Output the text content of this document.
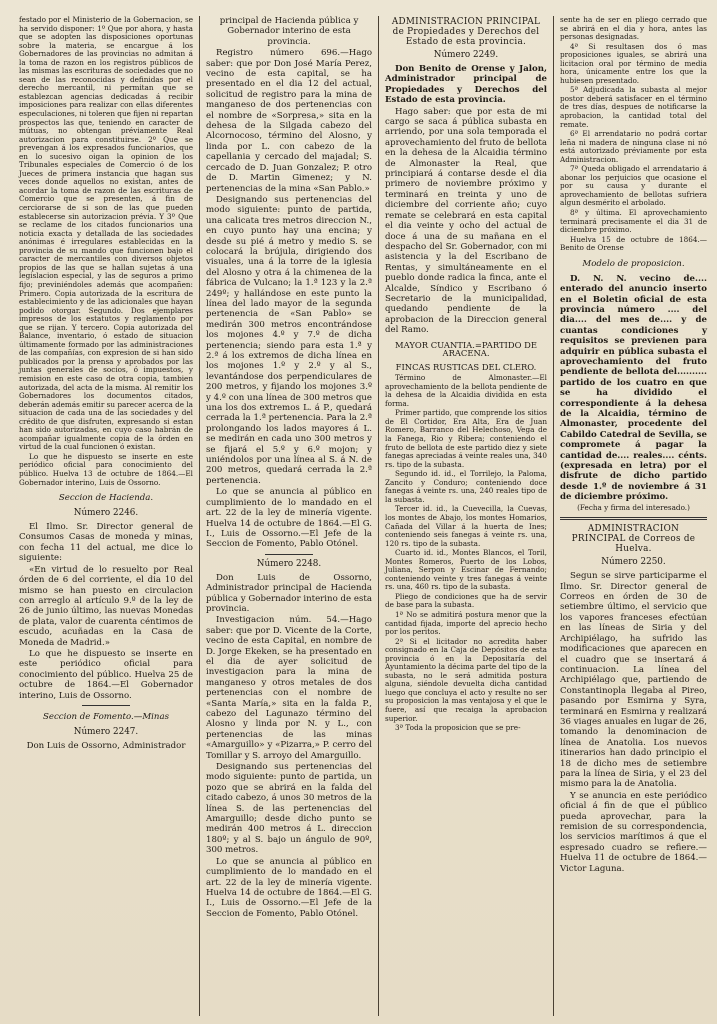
festado por el Ministerio de la Gobernacion, se ha servido disponer: 1º Que por ahora, y hasta que se adopten las disposiciones oportunas sobre la materia, se encargue á los Gobernadores de las provincias no admitan á la toma de razon en los registros públicos de las mismas las escrituras de sociedades que no sean de las reconocidas y definidas por el derecho mercantil, ni permitan que se establezcan agencias dedicadas á recibir imposiciones para realizar con ellas diferentes especulaciones, ni toleren que fijen ni repartan prospectos las que, teniendo en caracter de mútuas, no obtengan préviamente Real autorizacion para constituirse. 2º Que se prevengan á los expresados funcionarios, que en lo sucesivo oigan la opinion de los Tribunales especiales de Comercio ó de los Jueces de primera instancia que hagan sus veces donde aquellos no existan, antes de acordar la toma de razon de las escrituras de Comercio que se presenten, á fin de cerciorarse de si son de las que pueden establecerse sin autorizacion prévia. Y 3º Que se reclame de los citados funcionarios una noticia exacta y detallada de las sociedades anónimas é irregulares establecidas en la provincia de su mando que funcionen bajo el caracter de mercantiles con diversos objetos propios de las que se hallan sujetas á una legislacion especial, y las de seguros a primo fijo; previniéndoles además que acompañen: Primero. Copia autorizada de la escritura de establecimiento y de las adicionales que hayan podido otorgar. Segundo. Dos ejemplares impresos de los estatutos y reglamento por que se rijan. Y tercero. Copia autorizada del Balance, inventario, ó estado de situacion últimamente formado por las administraciones de las compañías, con expresion de si han sido publicados por la prensa y aprobados por las juntas generales de socios, ó impuestos, y remision en este caso de otra copia, tambien autorizada, del acta de la misma. Al remitir los Gobernadores los documentos citados, deberán además emitir su parecer acerca de la situacion de cada una de las sociedades y del crédito de que disfruten, expresando si estan han sido autorizadas, en cuyo caso habrán de acompañar igualmente copia de la órden en virtud de la cual funcionen ó existan.

Lo que he dispuesto se inserte en este periódico oficial para conocimiento del público. Huelva 13 de octubre de 1864.—El Gobernador interino, Luis de Ossorno.

Seccion de Hacienda.
Número 2246.

El Ilmo. Sr. Director general de Consumos Casas de moneda y minas, con fecha 11 del actual, me dice lo siguiente:

«En virtud de lo resuelto por Real órden de 6 del corriente, el dia 10 del mismo se han puesto en circulacion con arreglo al artículo 9.º de la ley de 26 de junio último, las nuevas Monedas de plata, valor de cuarenta céntimos de escudo, acuñadas en la Casa de Moneda de Madrid.»

Lo que he dispuesto se inserte en este periódico oficial para conocimiento del público. Huelva 25 de octubre de 1864.—El Gobernador interino, Luis de Ossorno.

Seccion de Fomento.—Minas
Número 2247.

Don Luis de Ossorno, Administrador

principal de Hacienda pública y Gobernador interino de esta provincia.

Registro número 696.—Hago saber: que por Don José María Perez, vecino de esta capital, se ha presentado en el dia 12 del actual, solicitud de registro para la mina de manganeso de dos pertenencias con el nombre de «Sorpresa,» sita en la dehesa de la Silgada cabezo del Alcornocoso, término del Alosno, y linda por L. con cabezo de la capellania y cercado del majadal; S. cercado de D. Juan Gonzalez; P. otro de D. Martin Gimenez; y N. pertenencias de la mina «San Pablo.»

Designando sus pertenencias del modo siguiente: punto de partida, una calicata tres metros direccion N., en cuyo punto hay una encina; y desde su pié á metro y medio S. se colocará la brújula, dirigiendo dos visuales, una á la torre de la iglesia del Alosno y otra á la chimenea de la fábrica de Vulcano; la 1.ª 123 y la 2.ª 249º; y hallándose en este punto la línea del lado mayor de la segunda pertenencia de «San Pablo» se medirán 300 metros encontrándose los mojones 4.º y 7.º de dicha pertenencia; siendo para esta 1.ª y 2.ª á los extremos de dicha línea en los mojones 1.º y 2.º y al S., levantándose dos perpendiculares de 200 metros, y fijando los mojones 3.º y 4.º con una línea de 300 metros que una los dos extremos L. á P., quedará cerrada la 1.ª pertenencia. Para la 2.ª prolongando los lados mayores á L. se medirán en cada uno 300 metros y se fijará el 5.º y 6.º mojon; y uniéndolos por una línea al S. á N. de 200 metros, quedará cerrada la 2.ª pertenencia.

Lo que se anuncia al público en cumplimiento de lo mandado en el art. 22 de la ley de minería vigente. Huelva 14 de octubre de 1864.—El G. I., Luis de Ossorno.—El Jefe de la Seccion de Fomento, Pablo Otónel.

Número 2248.

Don Luis de Ossorno, Administrador principal de Hacienda pública y Gobernador interino de esta provincia.

Investigacion núm. 54.—Hago saber: que por D. Vicente de la Corte, vecino de esta Capital, en nombre de D. Jorge Ekeken, se ha presentado en el dia de ayer solicitud de investigacion para la mina de manganeso y otros metales de dos pertenencias con el nombre de «Santa María,» sita en la falda P., cabezo del Lagunazo término del Alosno y linda por N. y L., con pertenencias de las minas «Amarguillo» y «Pizarra,» P. cerro del Tomillar y S. arroyo del Amarguillo.

Designando sus pertenencias del modo siguiente: punto de partida, un pozo que se abrirá en la falda del citado cabezo, á unos 30 metros de la línea S. de las pertenencias del Amarguillo; desde dicho punto se medirán 400 metros á L. direccion 180º; y al S. bajo un ángulo de 90º, 300 metros.

Lo que se anuncia al público en cumplimiento de lo mandado en el art. 22 de la ley de minería vigente. Huelva 14 de octubre de 1864.—El G. I., Luis de Ossorno.—El Jefe de la Seccion de Fomento, Pablo Otónel.

ADMINISTRACION PRINCIPAL de Propiedades y Derechos del Estado de esta provincia.
Número 2249.

Don Benito de Orense y Jalon, Administrador principal de Propiedades y Derechos del Estado de esta provincia.

Hago saber: que por esta de mi cargo se saca á pública subasta en arriendo, por una sola temporada el aprovechamiento del fruto de bellota en la dehesa de la Alcaidia término de Almonaster la Real, que principiará á contarse desde el dia primero de noviembre próximo y terminará en treinta y uno de diciembre del corriente año; cuyo remate se celebrará en esta capital el dia veinte y ocho del actual de doce á una de su mañana en el despacho del Sr. Gobernador, con mi asistencia y la del Escribano de Rentas, y simultáneamente en el pueblo donde radica la finca, ante el Alcalde, Síndico y Escribano ó Secretario de la municipalidad, quedando pendiente de la aprobacion de la Direccion general del Ramo.

MAYOR CUANTIA.=PARTIDO DE ARACENA.
FINCAS RUSTICAS DEL CLERO.

Término de Almonaster.—El aprovechamiento de la bellota pendiente de la dehesa de la Alcaidia dividida en esta forma.

Primer partido, que comprende los sitios de El Cortidor, Era Alta, Era de Juan Romero, Barranco del Helechoso, Vega de la Fanega, Rio y Ribera; conteniendo el fruto de bellota de este partido diez y siete fanegas apreciadas á veinte reales una, 340 rs. tipo de la subasta.

Segundo id. id., el Torrilejo, la Paloma, Zancito y Conduro; conteniendo doce fanegas á veinte rs. una, 240 reales tipo de la subasta.

Tercer id. id., la Cuevecilla, la Cuevas, los montes de Abajo, los montes Homarios, Cañada del Villar á la huerta de Ines; conteniendo seis fanegas á veinte rs. una, 120 rs. tipo de la subasta.

Cuarto id. id., Montes Blancos, el Toril, Montes Romeros, Puerto de los Lobos, Juliana, Serpon y Escinar de Fernando; conteniendo veinte y tres fanegas á veinte rs. una, 460 rs. tipo de la subasta.

Pliego de condiciones que ha de servir de base para la subasta.

1ª No se admitirá postura menor que la cantidad fijada, importe del aprecio hecho por los peritos.

2ª Si el licitador no acredita haber consignado en la Caja de Depósitos de esta provincia ó en la Depositaría del Ayuntamiento la décima parte del tipo de la subasta, no le será admitida postura alguna, siéndole devuelta dicha cantidad luego que concluya el acto y resulte no ser su proposicion la mas ventajosa y el que le fuere, así que recaiga la aprobacion superior.

3ª Toda la proposicion que se pre-

sente ha de ser en pliego cerrado que se abrirá en el dia y hora, antes las personas designadas.

4ª Si resultasen dos ó mas proposiciones iguales, se abrirá una licitacion oral por término de media hora, únicamente entre los que la hubiesen presentado.

5ª Adjudicada la subasta al mejor postor deberá satisfacer en el término de tres días, despues de notificarse la aprobacion, la cantidad total del remate.

6ª El arrendatario no podrá cortar leña ni madera de ninguna clase ni nó está autorizado préviamente por esta Administracion.

7ª Queda obligado el arrendatario á abonar los perjuicios que ocasione el por su causa y durante el aprovechamiento de bellotas sufriera algun desmérito el arbolado.

8ª y última. El aprovechamiento terminará precisamente el dia 31 de diciembre próximo.

Huelva 15 de octubre de 1864.—Benito de Orense

Modelo de proposicion.

D. N. N. vecino de.... enterado del anuncio inserto en el Boletin oficial de esta provincia número .... del dia.... del mes de.... y de cuantas condiciones y requisitos se previenen para adquirir en pública subasta el aprovechamiento del fruto pendiente de bellota del.......... partido de los cuatro en que se ha dividido el correspondiente á la dehesa de la Alcaidia, término de Almonaster, procedente del Cabildo Catedral de Sevilla, se compromete á pagar la cantidad de.... reales.... cénts. (expresada en letra) por el disfrute de dicho partido desde 1.º de noviembre á 31 de diciembre próximo.

(Fecha y firma del interesado.)

ADMINISTRACION PRINCIPAL de Correos de Huelva.
Número 2250.

Segun se sirve participarme el Ilmo. Sr. Director general de Correos en órden de 30 de setiembre último, el servicio que los vapores franceses efectúan en las líneas de Siria y del Archipiélago, ha sufrido las modificaciones que aparecen en el cuadro que se insertará á continuacion. La línea del Archipiélago que, partiendo de Constantinopla llegaba al Pireo, pasando por Esmirna y Syra, terminará en Esmirna y realizará 36 viages anuales en lugar de 26, tomando la denominacion de línea de Anatolia. Los nuevos itinerarios han dado principio el 18 de dicho mes de setiembre para la línea de Siria, y el 23 del mismo para la de Anatolia.

Y se anuncia en este periódico oficial á fin de que el público pueda aprovechar, para la remision de su correspondencia, los servicios marítimos á que el espresado cuadro se refiere.—Huelva 11 de octubre de 1864.—Victor Laguna.
